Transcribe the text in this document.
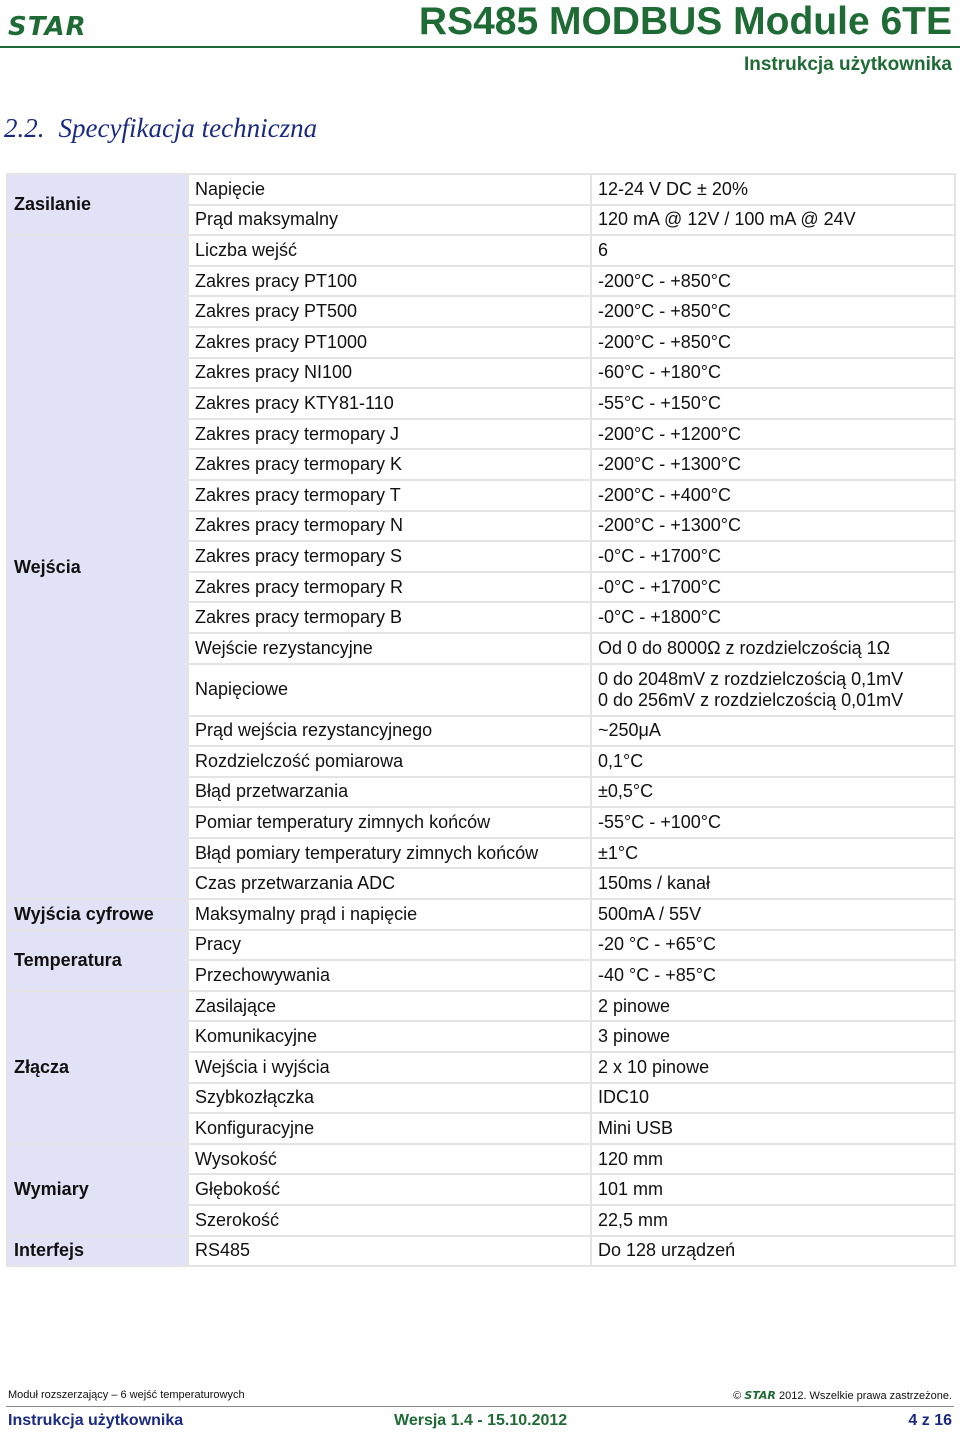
STAR	RS485 MODBUS Module 6TE
Instrukcja użytkownika
2.2. Specyfikacja techniczna
Zasilanie	Napięcie	12-24 V DC ± 20%
	Prąd maksymalny	120 mA @ 12V / 100 mA @ 24V
Wejścia	Liczba wejść	6
	Zakres pracy PT100	-200°C - +850°C
	Zakres pracy PT500	-200°C - +850°C
	Zakres pracy PT1000	-200°C - +850°C
	Zakres pracy NI100	-60°C - +180°C
	Zakres pracy KTY81-110	-55°C - +150°C
	Zakres pracy termopary J	-200°C - +1200°C
	Zakres pracy termopary K	-200°C - +1300°C
	Zakres pracy termopary T	-200°C - +400°C
	Zakres pracy termopary N	-200°C - +1300°C
	Zakres pracy termopary S	-0°C - +1700°C
	Zakres pracy termopary R	-0°C - +1700°C
	Zakres pracy termopary B	-0°C - +1800°C
	Wejście rezystancyjne	Od 0 do 8000Ω z rozdzielczością 1Ω
	Napięciowe	0 do 2048mV z rozdzielczością 0,1mV
0 do 256mV z rozdzielczością 0,01mV

	Prąd wejścia rezystancyjnego	~250μA
	Rozdzielczość pomiarowa	0,1°C
	Błąd przetwarzania	±0,5°C
	Pomiar temperatury zimnych końców	-55°C - +100°C
	Błąd pomiary temperatury zimnych końców	±1°C
	Czas przetwarzania ADC	150ms / kanał
Wyjścia cyfrowe	Maksymalny prąd i napięcie	500mA / 55V
Temperatura	Pracy	-20 °C - +65°C
	Przechowywania	-40 °C - +85°C
Złącza	Zasilające	2 pinowe
	Komunikacyjne	3 pinowe
	Wejścia i wyjścia	2 x 10 pinowe
	Szybkozłączka	IDC10
	Konfiguracyjne	Mini USB
Wymiary	Wysokość	120 mm
	Głębokość	101 mm
	Szerokość	22,5 mm
Interfejs	RS485	Do 128 urządzeń
Moduł rozszerzający – 6 wejść temperaturowych	© STAR 2012. Wszelkie prawa zastrzeżone.
Instrukcja użytkownika	Wersja 1.4 - 15.10.2012	4 z 16
